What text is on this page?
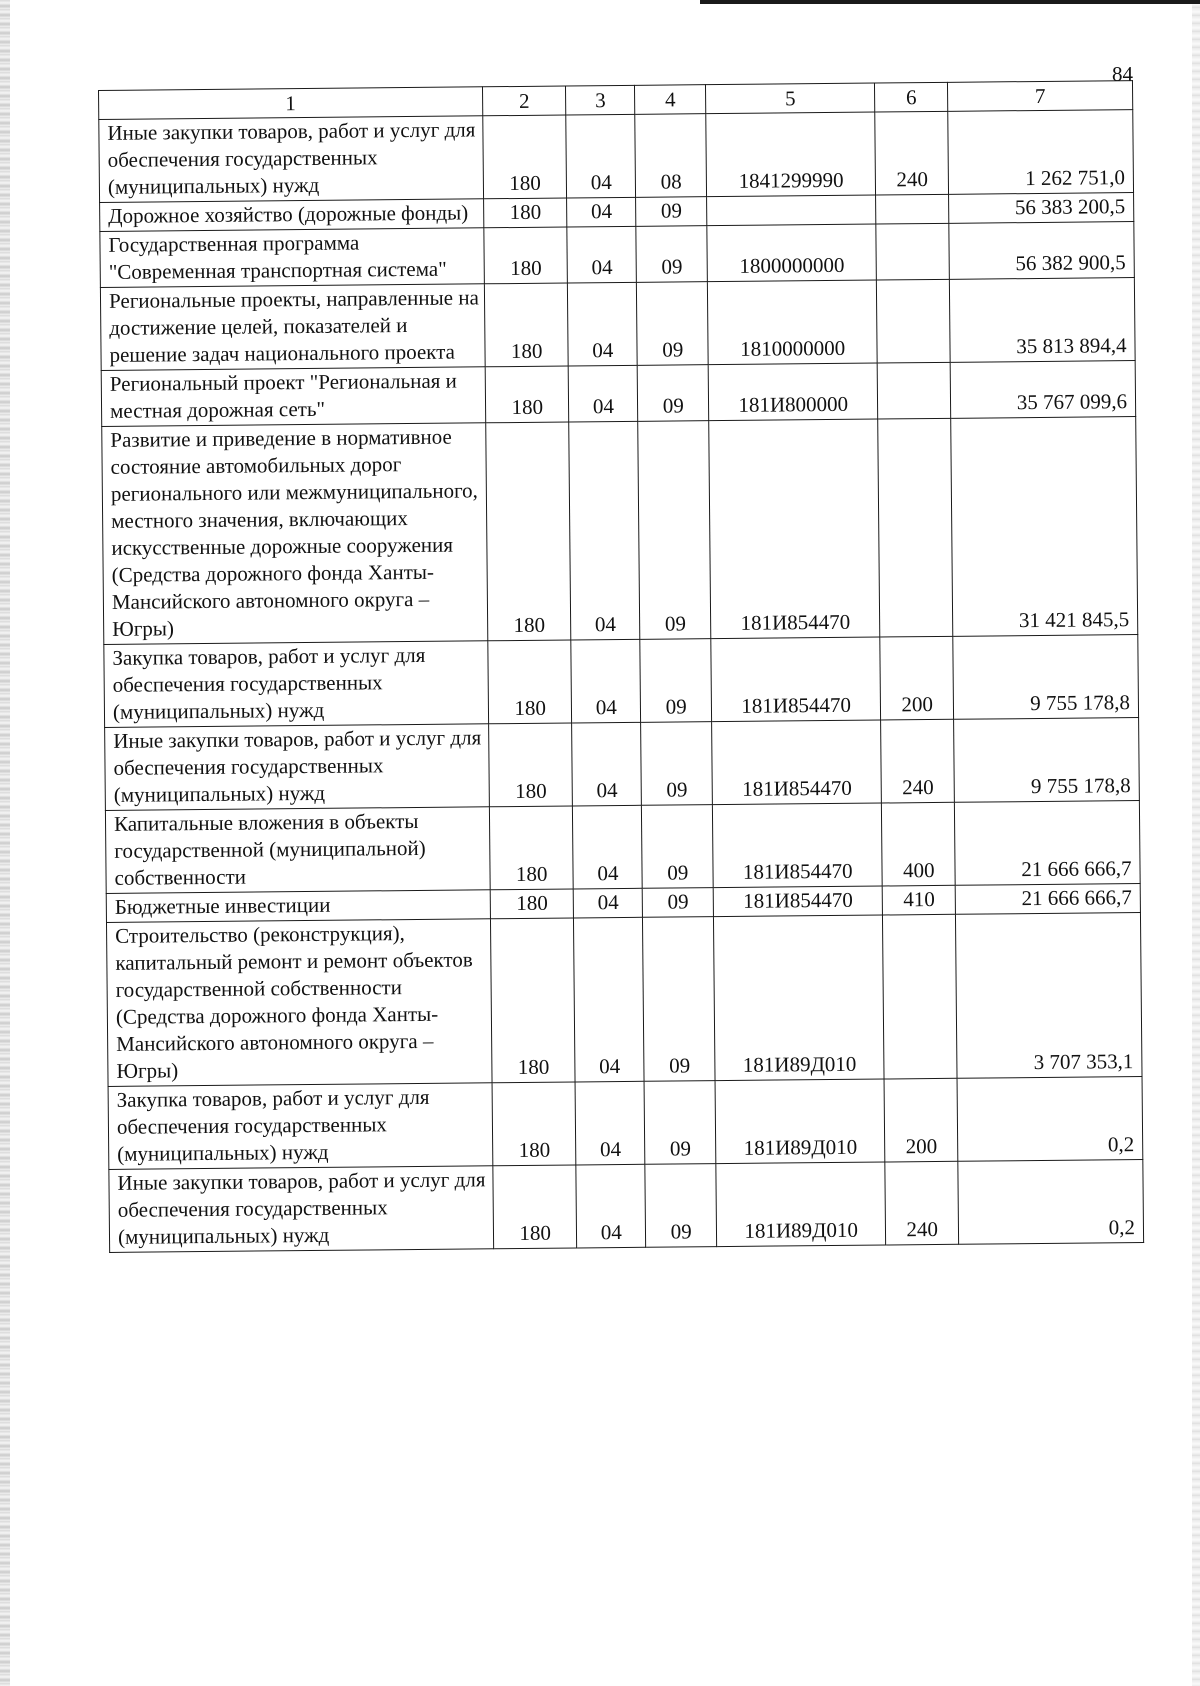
84
1	2	3	4	5	6	7
Иные закупки товаров, работ и услуг для обеспечения государственных (муниципальных) нужд	180	04	08	1841299990	240	1 262 751,0
Дорожное хозяйство (дорожные фонды)	180	04	09			56 383 200,5
Государственная программа "Современная транспортная система"	180	04	09	1800000000		56 382 900,5
Региональные проекты, направленные на достижение целей, показателей и решение задач национального проекта	180	04	09	1810000000		35 813 894,4
Региональный проект "Региональная и местная дорожная сеть"	180	04	09	181И800000		35 767 099,6
Развитие и приведение в нормативное состояние автомобильных дорог регионального или межмуниципального, местного значения, включающих искусственные дорожные сооружения (Средства дорожного фонда Ханты-Мансийского автономного округа – Югры)	180	04	09	181И854470		31 421 845,5
Закупка товаров, работ и услуг для обеспечения государственных (муниципальных) нужд	180	04	09	181И854470	200	9 755 178,8
Иные закупки товаров, работ и услуг для обеспечения государственных (муниципальных) нужд	180	04	09	181И854470	240	9 755 178,8
Капитальные вложения в объекты государственной (муниципальной) собственности	180	04	09	181И854470	400	21 666 666,7
Бюджетные инвестиции	180	04	09	181И854470	410	21 666 666,7
Строительство (реконструкция), капитальный ремонт и ремонт объектов государственной собственности (Средства дорожного фонда Ханты-Мансийского автономного округа – Югры)	180	04	09	181И89Д010		3 707 353,1
Закупка товаров, работ и услуг для обеспечения государственных (муниципальных) нужд	180	04	09	181И89Д010	200	0,2
Иные закупки товаров, работ и услуг для обеспечения государственных (муниципальных) нужд	180	04	09	181И89Д010	240	0,2
